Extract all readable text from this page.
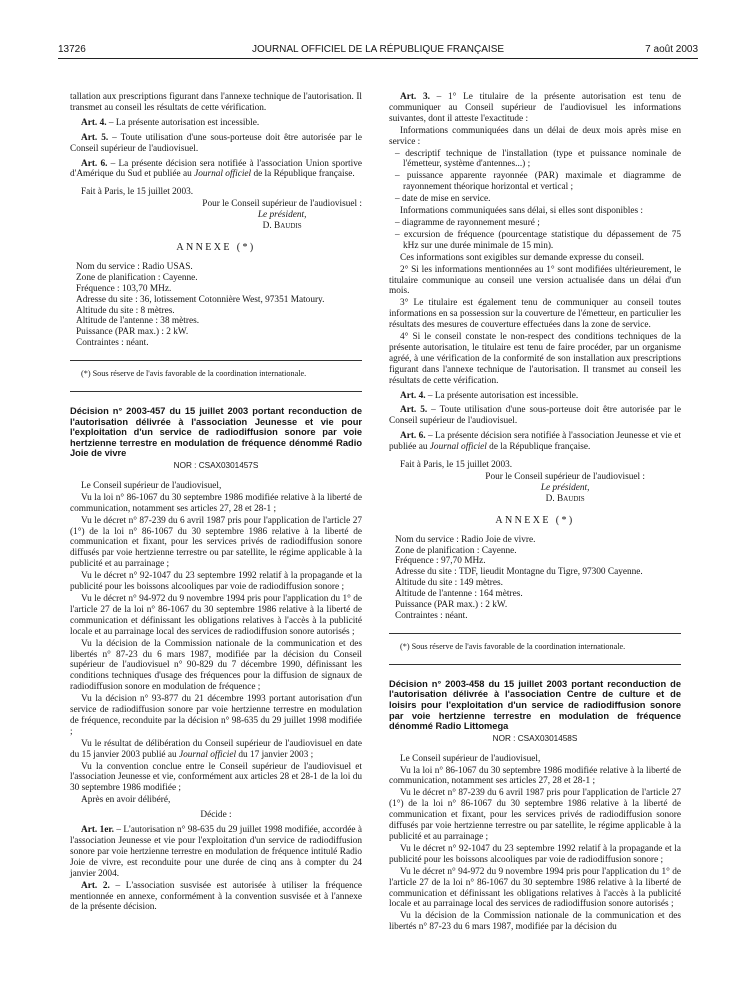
13726	JOURNAL OFFICIEL DE LA RÉPUBLIQUE FRANÇAISE	7 août 2003

tallation aux prescriptions figurant dans l'annexe technique de l'autorisation. Il transmet au conseil les résultats de cette vérification.

Art. 4. – La présente autorisation est incessible.

Art. 5. – Toute utilisation d'une sous-porteuse doit être autorisée par le Conseil supérieur de l'audiovisuel.

Art. 6. – La présente décision sera notifiée à l'association Union sportive d'Amérique du Sud et publiée au Journal officiel de la République française.

Fait à Paris, le 15 juillet 2003.

Pour le Conseil supérieur de l'audiovisuel :
Le président,
D. Baudis
ANNEXE (*)

Nom du service : Radio USAS.

Zone de planification : Cayenne.

Fréquence : 103,70 MHz.

Adresse du site : 36, lotissement Cotonnière West, 97351 Matoury.

Altitude du site : 8 mètres.

Altitude de l'antenne : 38 mètres.

Puissance (PAR max.) : 2 kW.

Contraintes : néant.

(*) Sous réserve de l'avis favorable de la coordination internationale.

Décision n° 2003-457 du 15 juillet 2003 portant reconduction de l'autorisation délivrée à l'association Jeunesse et vie pour l'exploitation d'un service de radiodiffusion sonore par voie hertzienne terrestre en modulation de fréquence dénommé Radio Joie de vivre
NOR : CSAX0301457S

Le Conseil supérieur de l'audiovisuel,

Vu la loi n° 86-1067 du 30 septembre 1986 modifiée relative à la liberté de communication, notamment ses articles 27, 28 et 28-1 ;

Vu le décret n° 87-239 du 6 avril 1987 pris pour l'application de l'article 27 (1°) de la loi n° 86-1067 du 30 septembre 1986 relative à la liberté de communication et fixant, pour les services privés de radiodiffusion sonore diffusés par voie hertzienne terrestre ou par satellite, le régime applicable à la publicité et au parrainage ;

Vu le décret n° 92-1047 du 23 septembre 1992 relatif à la propagande et la publicité pour les boissons alcooliques par voie de radiodiffusion sonore ;

Vu le décret n° 94-972 du 9 novembre 1994 pris pour l'application du 1° de l'article 27 de la loi n° 86-1067 du 30 septembre 1986 relative à la liberté de communication et définissant les obligations relatives à l'accès à la publicité locale et au parrainage local des services de radiodiffusion sonore autorisés ;

Vu la décision de la Commission nationale de la communication et des libertés n° 87-23 du 6 mars 1987, modifiée par la décision du Conseil supérieur de l'audiovisuel n° 90-829 du 7 décembre 1990, définissant les conditions techniques d'usage des fréquences pour la diffusion de signaux de radiodiffusion sonore en modulation de fréquence ;

Vu la décision n° 93-877 du 21 décembre 1993 portant autorisation d'un service de radiodiffusion sonore par voie hertzienne terrestre en modulation de fréquence, reconduite par la décision n° 98-635 du 29 juillet 1998 modifiée ;

Vu le résultat de délibération du Conseil supérieur de l'audiovisuel en date du 15 janvier 2003 publié au Journal officiel du 17 janvier 2003 ;

Vu la convention conclue entre le Conseil supérieur de l'audiovisuel et l'association Jeunesse et vie, conformément aux articles 28 et 28-1 de la loi du 30 septembre 1986 modifiée ;

Après en avoir délibéré,

Décide :

Art. 1er. – L'autorisation n° 98-635 du 29 juillet 1998 modifiée, accordée à l'association Jeunesse et vie pour l'exploitation d'un service de radiodiffusion sonore par voie hertzienne terrestre en modulation de fréquence intitulé Radio Joie de vivre, est reconduite pour une durée de cinq ans à compter du 24 janvier 2004.

Art. 2. – L'association susvisée est autorisée à utiliser la fréquence mentionnée en annexe, conformément à la convention susvisée et à l'annexe de la présente décision.

Art. 3. – 1° Le titulaire de la présente autorisation est tenu de communiquer au Conseil supérieur de l'audiovisuel les informations suivantes, dont il atteste l'exactitude :

Informations communiquées dans un délai de deux mois après mise en service :

– descriptif technique de l'installation (type et puissance nominale de l'émetteur, système d'antennes...) ;

– puissance apparente rayonnée (PAR) maximale et diagramme de rayonnement théorique horizontal et vertical ;

– date de mise en service.

Informations communiquées sans délai, si elles sont disponibles :

– diagramme de rayonnement mesuré ;

– excursion de fréquence (pourcentage statistique du dépassement de 75 kHz sur une durée minimale de 15 min).

Ces informations sont exigibles sur demande expresse du conseil.

2° Si les informations mentionnées au 1° sont modifiées ultérieurement, le titulaire communique au conseil une version actualisée dans un délai d'un mois.

3° Le titulaire est également tenu de communiquer au conseil toutes informations en sa possession sur la couverture de l'émetteur, en particulier les résultats des mesures de couverture effectuées dans la zone de service.

4° Si le conseil constate le non-respect des conditions techniques de la présente autorisation, le titulaire est tenu de faire procéder, par un organisme agréé, à une vérification de la conformité de son installation aux prescriptions figurant dans l'annexe technique de l'autorisation. Il transmet au conseil les résultats de cette vérification.

Art. 4. – La présente autorisation est incessible.

Art. 5. – Toute utilisation d'une sous-porteuse doit être autorisée par le Conseil supérieur de l'audiovisuel.

Art. 6. – La présente décision sera notifiée à l'association Jeunesse et vie et publiée au Journal officiel de la République française.

Fait à Paris, le 15 juillet 2003.

Pour le Conseil supérieur de l'audiovisuel :
Le président,
D. Baudis
ANNEXE (*)

Nom du service : Radio Joie de vivre.

Zone de planification : Cayenne.

Fréquence : 97,70 MHz.

Adresse du site : TDF, lieudit Montagne du Tigre, 97300 Cayenne.

Altitude du site : 149 mètres.

Altitude de l'antenne : 164 mètres.

Puissance (PAR max.) : 2 kW.

Contraintes : néant.

(*) Sous réserve de l'avis favorable de la coordination internationale.

Décision n° 2003-458 du 15 juillet 2003 portant reconduction de l'autorisation délivrée à l'association Centre de culture et de loisirs pour l'exploitation d'un service de radiodiffusion sonore par voie hertzienne terrestre en modulation de fréquence dénommé Radio Littomega
NOR : CSAX0301458S

Le Conseil supérieur de l'audiovisuel,

Vu la loi n° 86-1067 du 30 septembre 1986 modifiée relative à la liberté de communication, notamment ses articles 27, 28 et 28-1 ;

Vu le décret n° 87-239 du 6 avril 1987 pris pour l'application de l'article 27 (1°) de la loi n° 86-1067 du 30 septembre 1986 relative à la liberté de communication et fixant, pour les services privés de radiodiffusion sonore diffusés par voie hertzienne terrestre ou par satellite, le régime applicable à la publicité et au parrainage ;

Vu le décret n° 92-1047 du 23 septembre 1992 relatif à la propagande et la publicité pour les boissons alcooliques par voie de radiodiffusion sonore ;

Vu le décret n° 94-972 du 9 novembre 1994 pris pour l'application du 1° de l'article 27 de la loi n° 86-1067 du 30 septembre 1986 relative à la liberté de communication et définissant les obligations relatives à l'accès à la publicité locale et au parrainage local des services de radiodiffusion sonore autorisés ;

Vu la décision de la Commission nationale de la communication et des libertés n° 87-23 du 6 mars 1987, modifiée par la décision du
